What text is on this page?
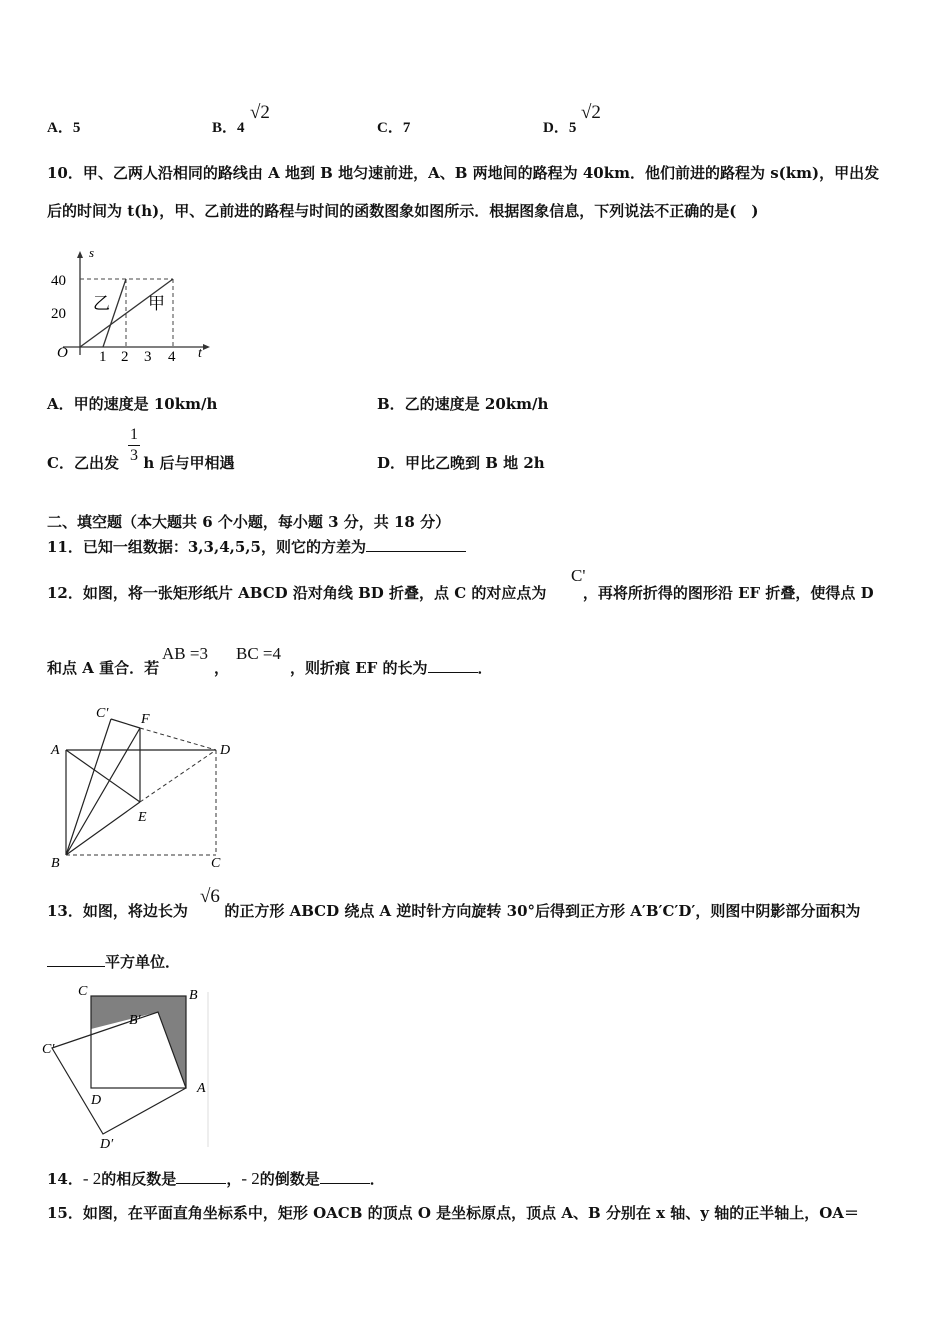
A．5	B．4
√2
C．7	D．5
√2
10．甲、乙两人沿相同的路线由 A 地到 B 地匀速前进，A、B 两地间的路程为 40km．他们前进的路程为 s(km)，甲出发
后的时间为 t(h)，甲、乙前进的路程与时间的函数图象如图所示．根据图象信息，下列说法不正确的是(　)
s
t
O
40
20
1 2 3 4
乙 甲
A．甲的速度是 10km/h	B．乙的速度是 20km/h
C．乙出发 h 后与甲相遇
1
3	D．甲比乙晚到 B 地 2h
二、填空题（本大题共 6 个小题，每小题 3 分，共 18 分）
11．已知一组数据：3,3,4,5,5，则它的方差为
12．如图，将一张矩形纸片 ABCD 沿对角线 BD 折叠，点 C 的对应点为 ，再将所折得的图形沿 EF 折叠，使得点 D
C'
和点 A 重合．若
AB =3
，
BC =4
，则折痕 EF 的长为	．
C′ F
A	D
E
B	C
13．如图，将边长为 的正方形 ABCD 绕点 A 逆时针方向旋转 30°后得到正方形 A′B′C′D′，则图中阴影部分面积为
√6
平方单位．
C	B
B′
C′
D
A
D′
14．- 2的相反数是	，- 2的倒数是	．
15．如图，在平面直角坐标系中，矩形 OACB 的顶点 O 是坐标原点，顶点 A、B 分别在 x 轴、y 轴的正半轴上，OA＝
